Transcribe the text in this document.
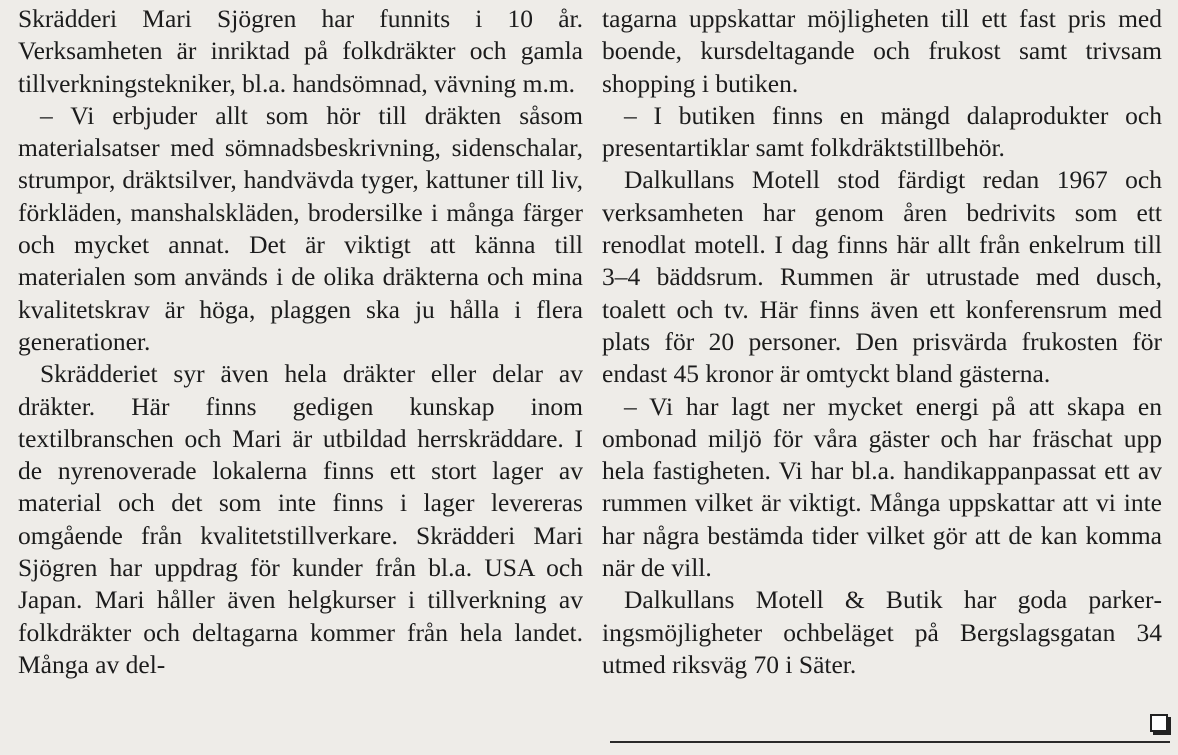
Skrädderi Mari Sjögren har funnits i 10 år. Verksamheten är inriktad på folkdräkter och gamla tillverkningstekniker, bl.a. handsömnad, vävning m.m.

– Vi erbjuder allt som hör till dräkten såsom materialsatser med sömnadsbeskrivning, sidenschalar, strumpor, dräktsilver, handvävda tyger, kattuner till liv, förkläden, manshalskläden, brodersilke i många färger och mycket annat. Det är viktigt att känna till materialen som används i de olika dräkterna och mina kvalitetskrav är höga, plaggen ska ju hålla i flera generationer.

Skrädderiet syr även hela dräkter eller delar av dräkter. Här finns gedigen kunskap inom textilbranschen och Mari är utbildad herrskräddare. I de nyrenoverade lokalerna finns ett stort lager av material och det som inte finns i lager levereras omgående från kvalitetstillverkare. Skrädderi Mari Sjögren har uppdrag för kunder från bl.a. USA och Japan. Mari håller även helgkurser i tillverkning av folkdräkter och deltagarna kommer från hela landet. Många av del-

tagarna uppskattar möjligheten till ett fast pris med boende, kursdeltagande och frukost samt trivsam shopping i butiken.

– I butiken finns en mängd dalaprodukter och presentartiklar samt folkdräktstillbehör.

Dalkullans Motell stod färdigt redan 1967 och verksamheten har genom åren bedrivits som ett renodlat motell. I dag finns här allt från enkelrum till 3–4 bäddsrum. Rummen är utrustade med dusch, toalett och tv. Här finns även ett konferensrum med plats för 20 personer. Den prisvärda frukosten för endast 45 kronor är omtyckt bland gästerna.

– Vi har lagt ner mycket energi på att skapa en ombonad miljö för våra gäster och har fräschat upp hela fastigheten. Vi har bl.a. handikappanpassat ett av rummen vilket är viktigt. Många uppskattar att vi inte har några bestämda tider vilket gör att de kan komma när de vill.

Dalkullans Motell & Butik har goda parkeringsmöjligheter ochbeläget på Bergslagsgatan 34 utmed riksväg 70 i Säter.
